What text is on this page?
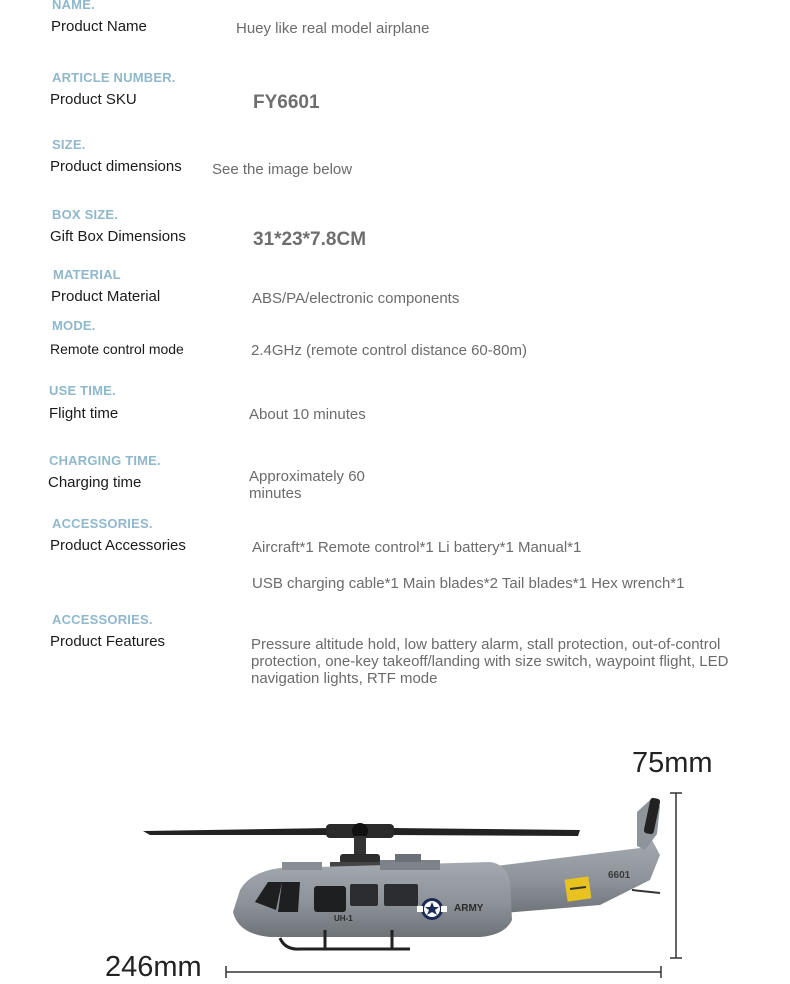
NAME.
Product Name	Huey like real model airplane
ARTICLE NUMBER.
Product SKU	FY6601
SIZE.
Product dimensions See the image below
BOX SIZE.
Gift Box Dimensions	31*23*7.8CM
MATERIAL
Product Material	ABS/PA/electronic components
MODE.
Remote control mode	2.4GHz (remote control distance 60-80m)
USE TIME.
Flight time	About 10 minutes
CHARGING TIME.
Charging time	Approximately 60
minutes
ACCESSORIES.
Product Accessories	Aircraft*1 Remote control*1 Li battery*1 Manual*1
USB charging cable*1 Main blades*2 Tail blades*1 Hex wrench*1
ACCESSORIES.
Product Features	Pressure altitude hold, low battery alarm, stall protection, out-of-control
protection, one-key takeoff/landing with size switch, waypoint flight, LED
navigation lights, RTF mode
6601
ARMY
UH-1
75mm
246mm
